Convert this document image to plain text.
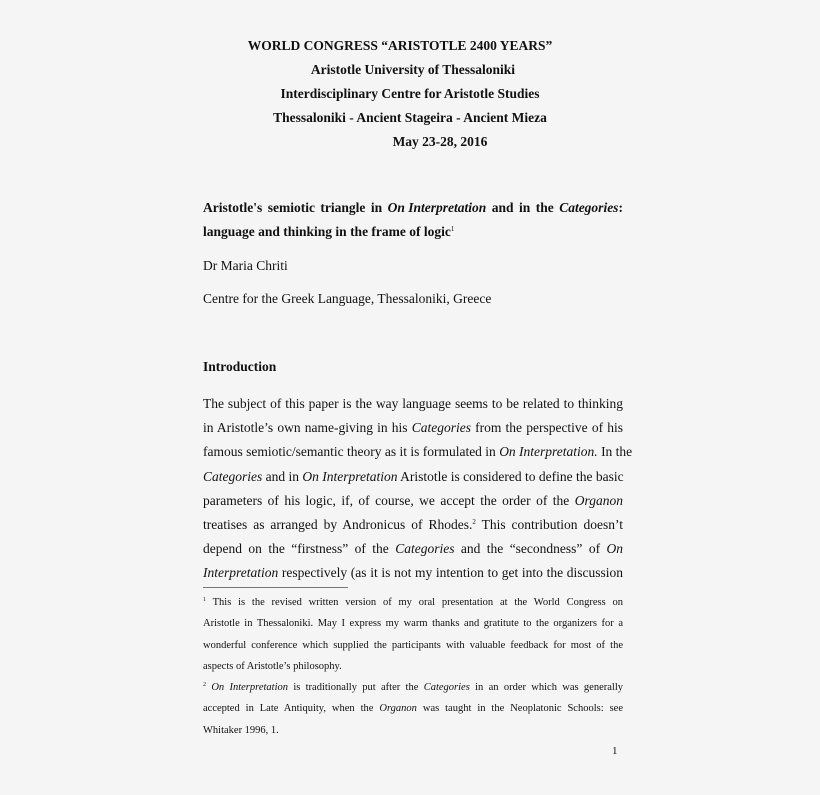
WORLD CONGRESS “ARISTOTLE 2400 YEARS”
Aristotle University of Thessaloniki
Interdisciplinary Centre for Aristotle Studies
Thessaloniki - Ancient Stageira - Ancient Mieza
May 23-28, 2016
Aristotle's semiotic triangle in On Interpretation and in the Categories:
language and thinking in the frame of logic$^1$
Dr Maria Chriti
Centre for the Greek Language, Thessaloniki, Greece
Introduction
The subject of this paper is the way language seems to be related to thinking
in Aristotle’s own name-giving in his Categories from the perspective of his
famous semiotic/semantic theory as it is formulated in On Interpretation. In the
Categories and in On Interpretation Aristotle is considered to define the basic
parameters of his logic, if, of course, we accept the order of the Organon
treatises as arranged by Andronicus of Rhodes.$^2$ This contribution doesn’t
depend on the “firstness” of the Categories and the “secondness” of On
Interpretation respectively (as it is not my intention to get into the discussion
$^1$ This is the revised written version of my oral presentation at the World Congress on
Aristotle in Thessaloniki. May I express my warm thanks and gratitute to the organizers for a
wonderful conference which supplied the participants with valuable feedback for most of the
aspects of Aristotle’s philosophy.
$^2$ On Interpretation is traditionally put after the Categories in an order which was generally
accepted in Late Antiquity, when the Organon was taught in the Neoplatonic Schools: see
Whitaker 1996, 1.
1
